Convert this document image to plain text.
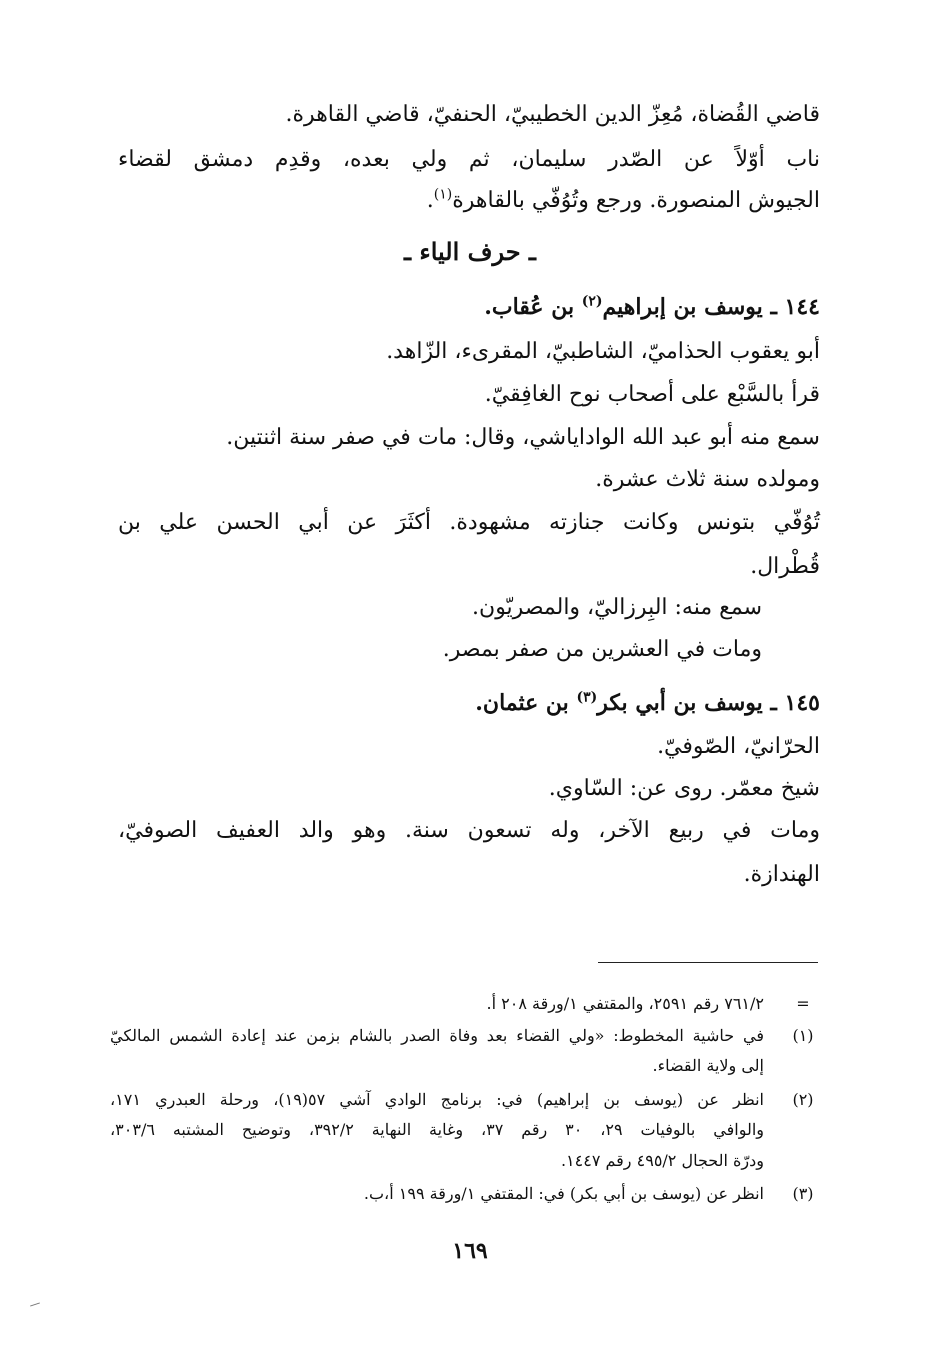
قاضي القُضاة، مُعِزّ الدين الخطيبيّ، الحنفيّ، قاضي القاهرة.
ناب أوّلاً عن الصّدر سليمان، ثم ولي بعده، وقدِم دمشق لقضاء
الجيوش المنصورة. ورجع وتُوُفّي بالقاهرة$^{(١)}$.
ـ حرف الياء ـ
١٤٤ ـ يوسف بن إبراهيم$^{(٢)}$ بن عُقاب.
أبو يعقوب الحذاميّ، الشاطبيّ، المقرىء، الزّاهد.
قرأ بالسَّبْع على أصحاب نوح الغافِقيّ.
سمع منه أبو عبد الله الواداياشي، وقال: مات في صفر سنة اثنتين.
ومولده سنة ثلاث عشرة.
تُوُفّي بتونس وكانت جنازته مشهودة. أكثَرَ عن أبي الحسن علي بن
قُطْرال.
سمع منه: البِرزاليّ، والمصريّون.
ومات في العشرين من صفر بمصر.
١٤٥ ـ يوسف بن أبي بكر$^{(٣)}$ بن عثمان.
الحرّانيّ، الصّوفيّ.
شيخ معمّر. روى عن: السّاوي.
ومات في ربيع الآخر، وله تسعون سنة. وهو والد العفيف الصوفيّ،
الهندازة.
=
٧٦١/٢ رقم ٢٥٩١، والمقتفي ١/ورقة ٢٠٨ أ.
(١)
في حاشية المخطوط: «ولي القضاء بعد وفاة الصدر بالشام بزمن عند إعادة الشمس المالكيّ
إلى ولاية القضاء.
(٢)
انظر عن (يوسف بن إبراهيم) في: برنامج الوادي آشي ٥٧(١٩)، ورحلة العبدري ١٧١،
والوافي بالوفيات ٢٩، ٣٠ رقم ٣٧، وغاية النهاية ٣٩٢/٢، وتوضيح المشتبه ٣٠٣/٦،
ودرّة الحجال ٤٩٥/٢ رقم ١٤٤٧.
(٣)
انظر عن (يوسف بن أبي بكر) في: المقتفي ١/ورقة ١٩٩ أ،ب.
١٦٩
